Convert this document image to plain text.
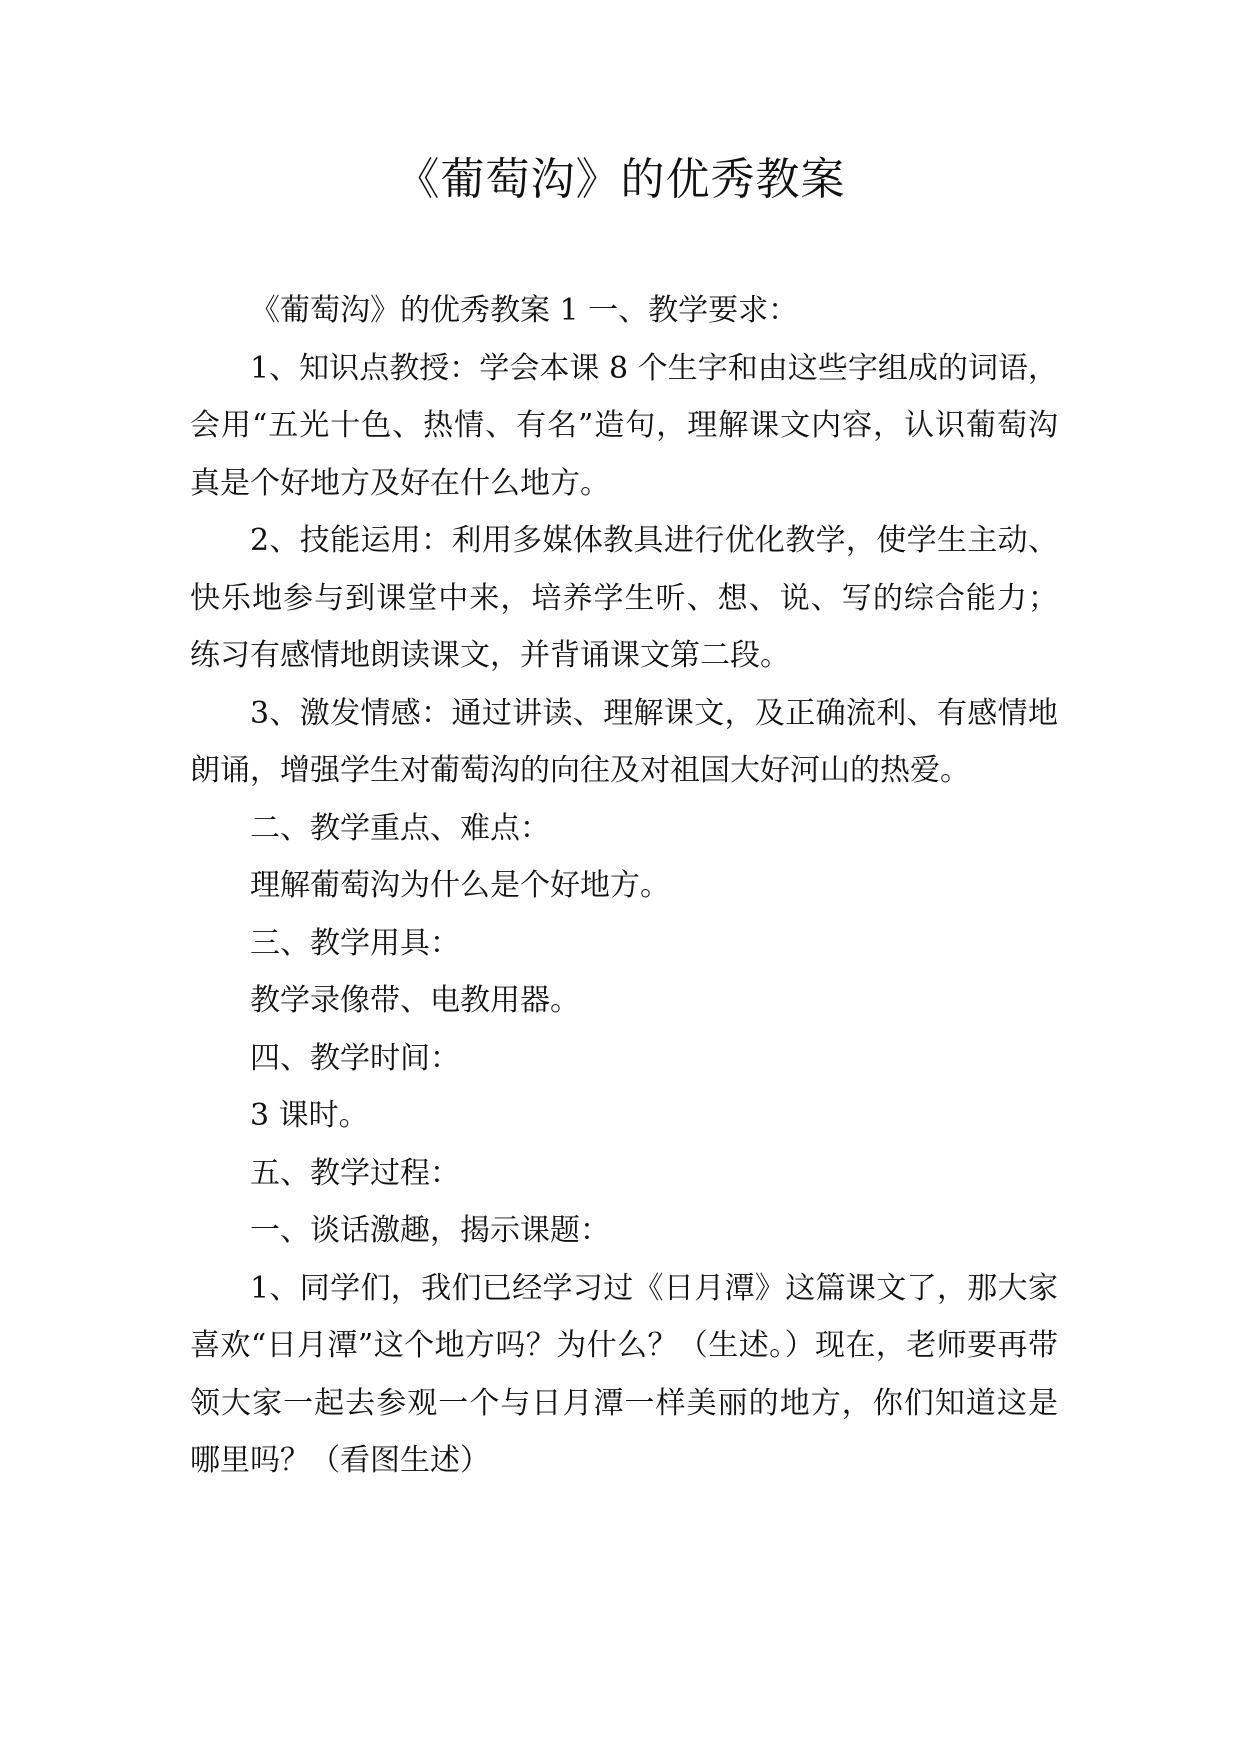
《葡萄沟》的优秀教案

《葡萄沟》的优秀教案 1 一、教学要求：

1、知识点教授：学会本课 8 个生字和由这些字组成的词语，会用“五光十色、热情、有名”造句，理解课文内容，认识葡萄沟真是个好地方及好在什么地方。

2、技能运用：利用多媒体教具进行优化教学，使学生主动、快乐地参与到课堂中来，培养学生听、想、说、写的综合能力；练习有感情地朗读课文，并背诵课文第二段。

3、激发情感：通过讲读、理解课文，及正确流利、有感情地朗诵，增强学生对葡萄沟的向往及对祖国大好河山的热爱。

二、教学重点、难点：

理解葡萄沟为什么是个好地方。

三、教学用具：

教学录像带、电教用器。

四、教学时间：

3 课时。

五、教学过程：

一、谈话激趣，揭示课题：

1、同学们，我们已经学习过《日月潭》这篇课文了，那大家喜欢“日月潭”这个地方吗？为什么？（生述。）现在，老师要再带领大家一起去参观一个与日月潭一样美丽的地方，你们知道这是哪里吗？（看图生述）
